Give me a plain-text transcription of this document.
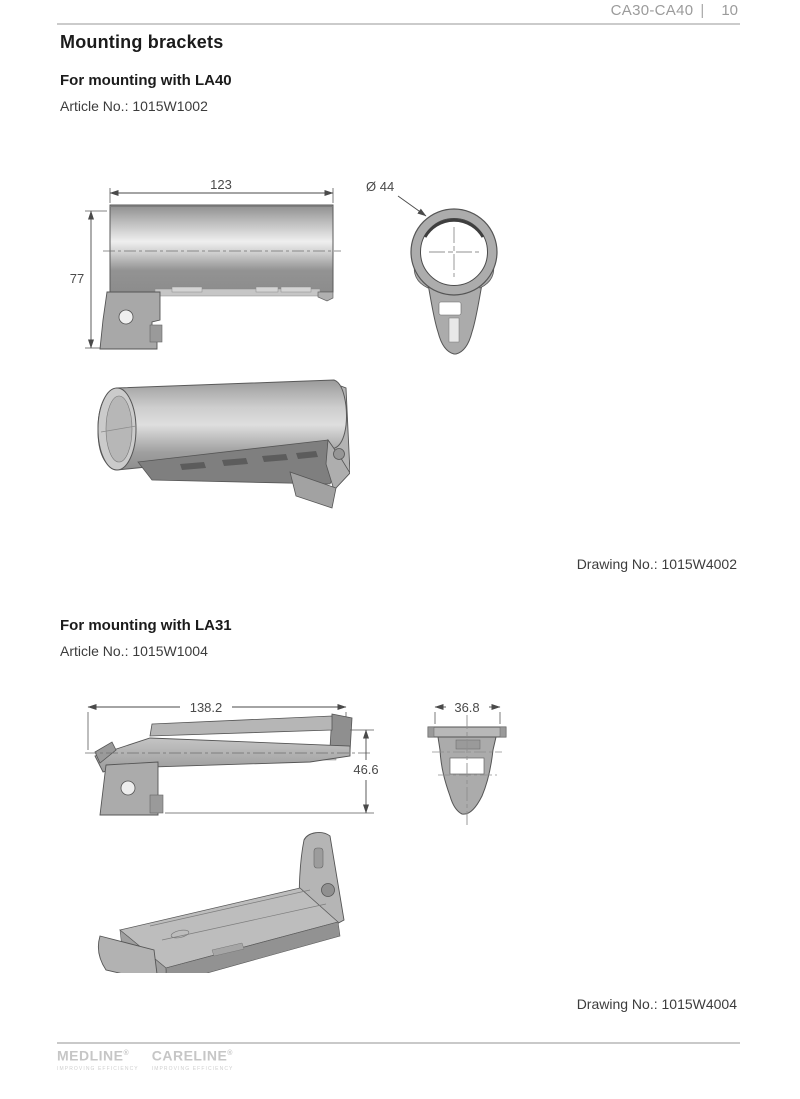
CA30-CA40 | 10
Mounting brackets
For mounting with LA40
Article No.: 1015W1002
123
77
Ø 44
Drawing No.: 1015W4002
For mounting with LA31
Article No.: 1015W1004
138.2
46.6
36.8
Drawing No.: 1015W4004
MEDLINE®
IMPROVING EFFICIENCY
CARELINE®
IMPROVING EFFICIENCY
